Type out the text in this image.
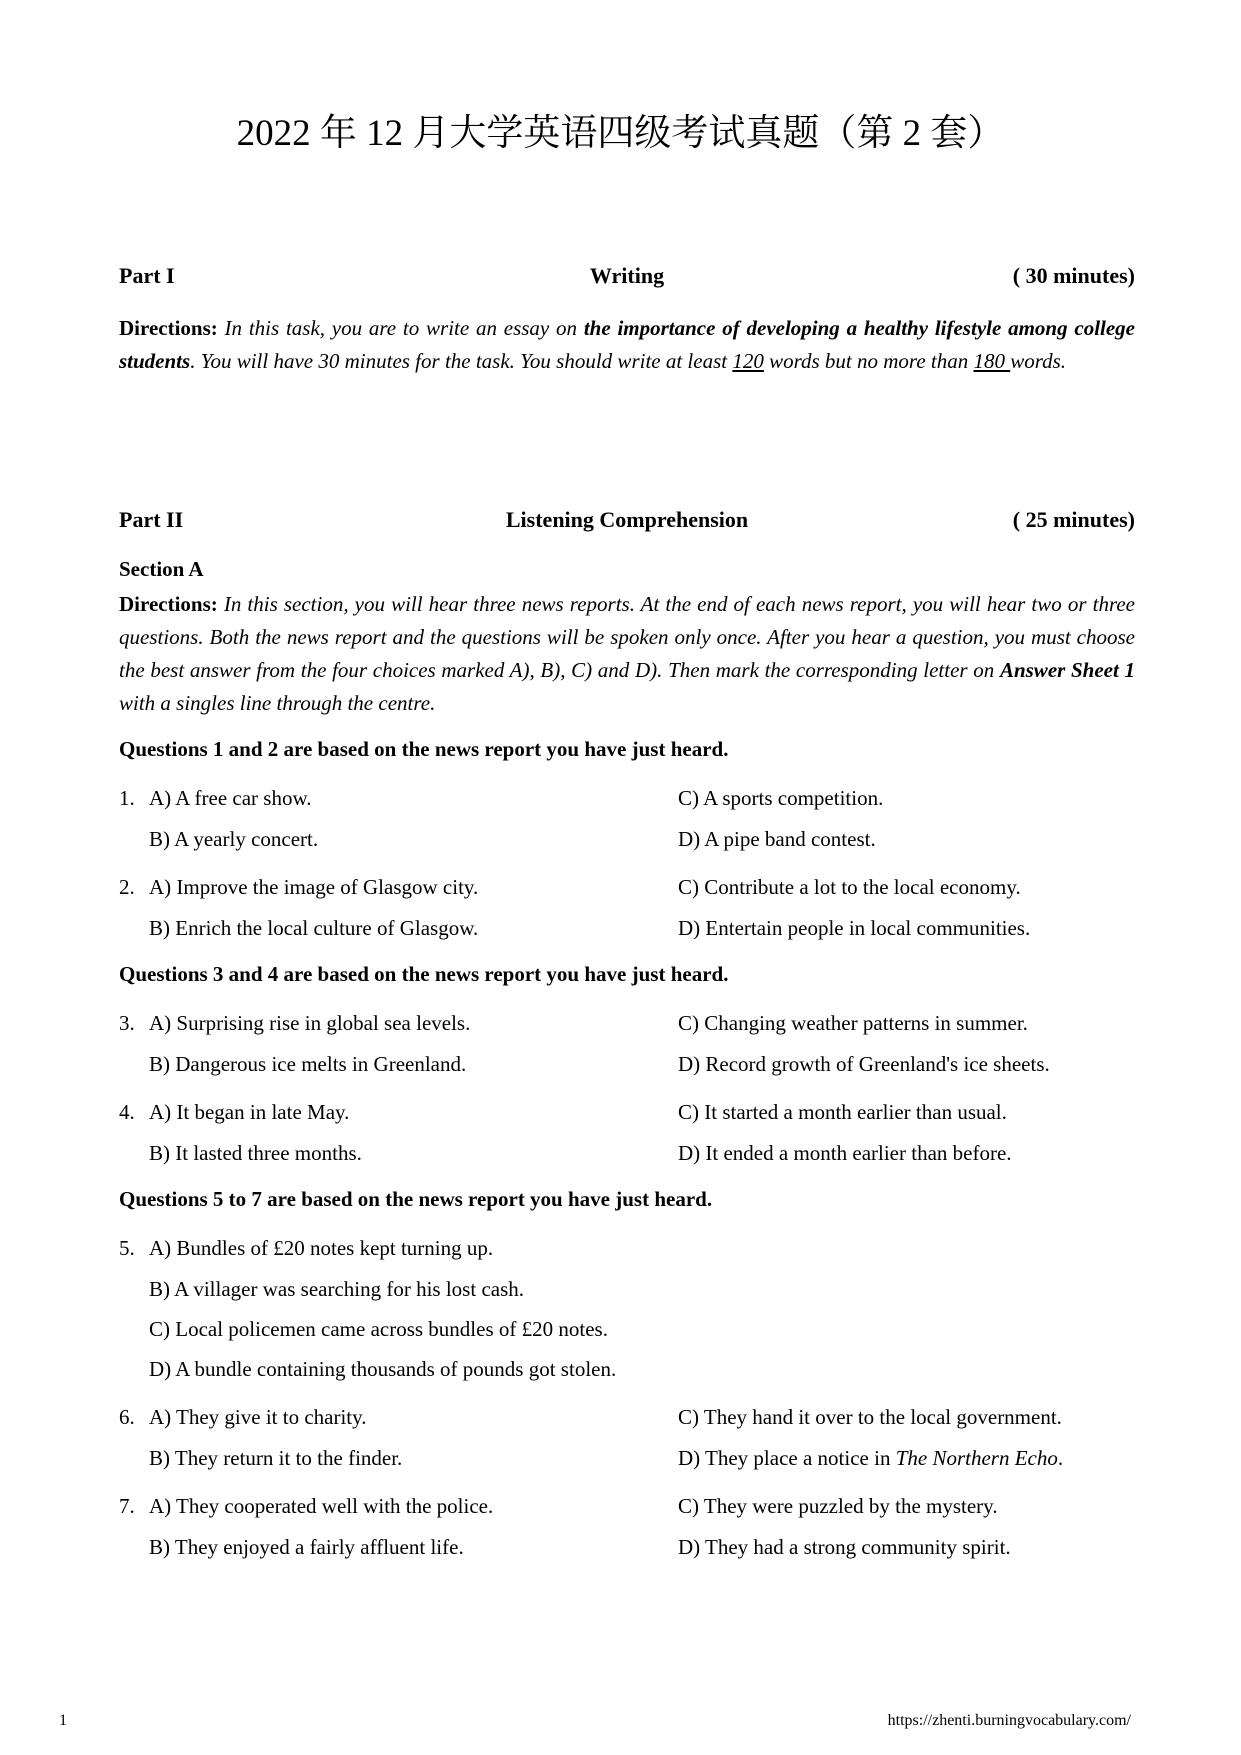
2022 年 12 月大学英语四级考试真题（第 2 套）
Part I	Writing	( 30 minutes)
Directions: In this task, you are to write an essay on the importance of developing a healthy lifestyle among college students. You will have 30 minutes for the task. You should write at least 120 words but no more than 180 words.
Part II	Listening Comprehension	( 25 minutes)
Section A
Directions: In this section, you will hear three news reports. At the end of each news report, you will hear two or three questions. Both the news report and the questions will be spoken only once. After you hear a question, you must choose the best answer from the four choices marked A), B), C) and D). Then mark the corresponding letter on Answer Sheet 1 with a singles line through the centre.
Questions 1 and 2 are based on the news report you have just heard.
1. A) A free car show.	C) A sports competition.
B) A yearly concert.	D) A pipe band contest.
2. A) Improve the image of Glasgow city.	C) Contribute a lot to the local economy.
B) Enrich the local culture of Glasgow.	D) Entertain people in local communities.
Questions 3 and 4 are based on the news report you have just heard.
3. A) Surprising rise in global sea levels.	C) Changing weather patterns in summer.
B) Dangerous ice melts in Greenland.	D) Record growth of Greenland's ice sheets.
4. A) It began in late May.	C) It started a month earlier than usual.
B) It lasted three months.	D) It ended a month earlier than before.
Questions 5 to 7 are based on the news report you have just heard.
5. A) Bundles of £20 notes kept turning up.
B) A villager was searching for his lost cash.
C) Local policemen came across bundles of £20 notes.
D) A bundle containing thousands of pounds got stolen.
6. A) They give it to charity.	C) They hand it over to the local government.
B) They return it to the finder.	D) They place a notice in The Northern Echo.
7. A) They cooperated well with the police.	C) They were puzzled by the mystery.
B) They enjoyed a fairly affluent life.	D) They had a strong community spirit.
1	https://zhenti.burningvocabulary.com/
